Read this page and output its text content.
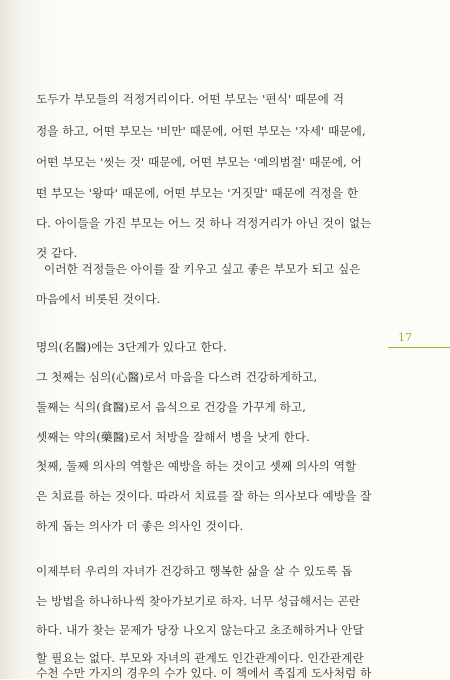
도두가 부모들의 걱정거리이다. 어떤 부모는 '편식' 때문에 걱
정을 하고, 어떤 부모는 '비만' 때문에, 어떤 부모는 '자세' 때문에,
어떤 부모는 '씻는 것' 때문에, 어떤 부모는 '예의범절' 때문에, 어
떤 부모는 '왕따' 때문에, 어떤 부모는 '거짓말' 때문에 걱정을 한
다. 아이들을 가진 부모는 어느 것 하나 걱정거리가 아닌 것이 없는
것 같다.
이러한 걱정들은 아이를 잘 키우고 싶고 좋은 부모가 되고 싶은
마음에서 비롯된 것이다.
명의(名醫)에는 3단계가 있다고 한다.
그 첫째는 심의(心醫)로서 마음을 다스려 건강하게하고,
둘째는 식의(食醫)로서 음식으로 건강을 가꾸게 하고,
셋째는 약의(藥醫)로서 처방을 잘해서 병을 낫게 한다.
첫째, 둘째 의사의 역할은 예방을 하는 것이고 셋째 의사의 역할
은 치료를 하는 것이다. 따라서 치료를 잘 하는 의사보다 예방을 잘
하게 돕는 의사가 더 좋은 의사인 것이다.
이제부터 우리의 자녀가 건강하고 행복한 삶을 살 수 있도록 돕
는 방법을 하나하나씩 찾아가보기로 하자. 너무 성급해서는 곤란
하다. 내가 찾는 문제가 당장 나오지 않는다고 초조해하거나 안달
할 필요는 없다. 부모와 자녀의 관계도 인간관계이다. 인간관계란
수천 수만 가지의 경우의 수가 있다. 이 책에서 족집게 도사처럼 하
17
